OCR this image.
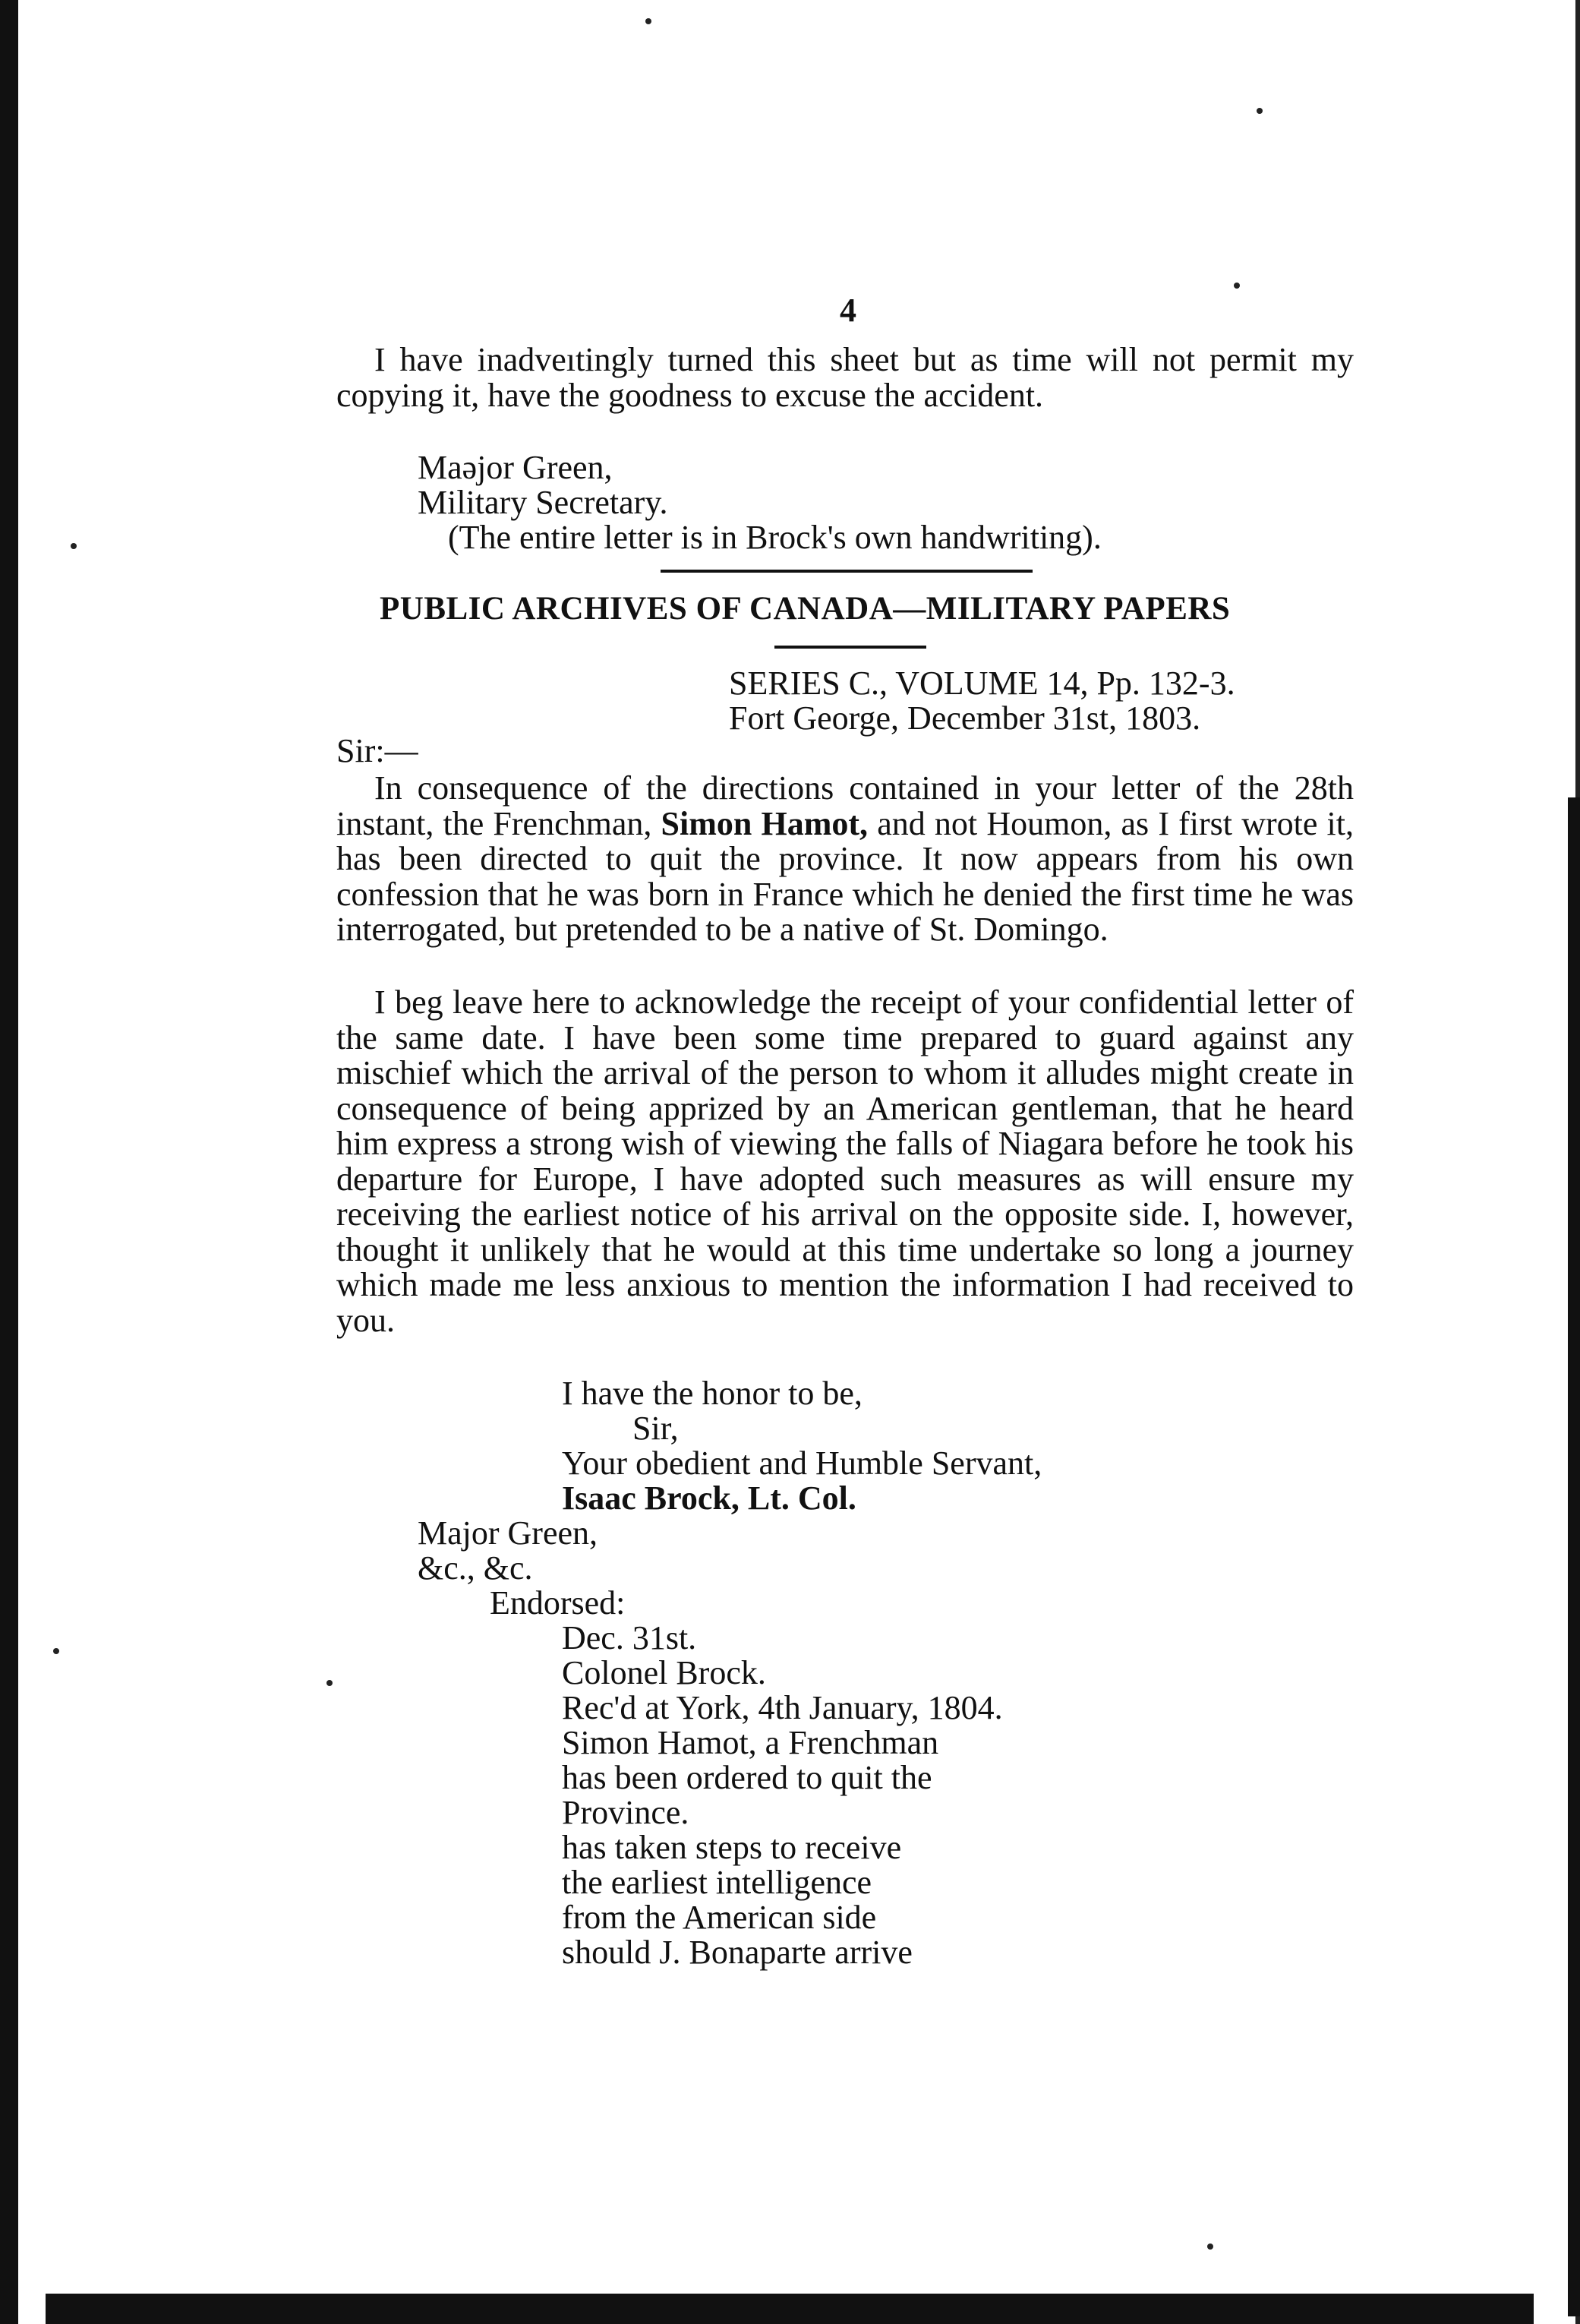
4
I have inadveıtingly turned this sheet but as time will not permit my copying it, have the goodness to excuse the accident.
Maəjor Green,
Military Secretary.
(The entire letter is in Brock's own handwriting).
PUBLIC ARCHIVES OF CANADA—MILITARY PAPERS
SERIES C., VOLUME 14, Pp. 132-3.
Fort George, December 31st, 1803.
Sir:—
In consequence of the directions contained in your letter of the 28th instant, the Frenchman, Simon Hamot, and not Houmon, as I first wrote it, has been directed to quit the province. It now appears from his own confession that he was born in France which he denied the first time he was interrogated, but pretended to be a native of St. Domingo.
I beg leave here to acknowledge the receipt of your confidential letter of the same date. I have been some time prepared to guard against any mischief which the arrival of the person to whom it alludes might create in consequence of being apprized by an American gentleman, that he heard him express a strong wish of viewing the falls of Niagara before he took his departure for Europe, I have adopted such measures as will ensure my receiving the earliest notice of his arrival on the opposite side. I, however, thought it unlikely that he would at this time undertake so long a journey which made me less anxious to mention the information I had received to you.
I have the honor to be,
Sir,
Your obedient and Humble Servant,
Isaac Brock, Lt. Col.
Major Green,
&c., &c.
Endorsed:
Dec. 31st.
Colonel Brock.
Rec'd at York, 4th January, 1804.
Simon Hamot, a Frenchman
has been ordered to quit the
Province.
has taken steps to receive
the earliest intelligence
from the American side
should J. Bonaparte arrive
